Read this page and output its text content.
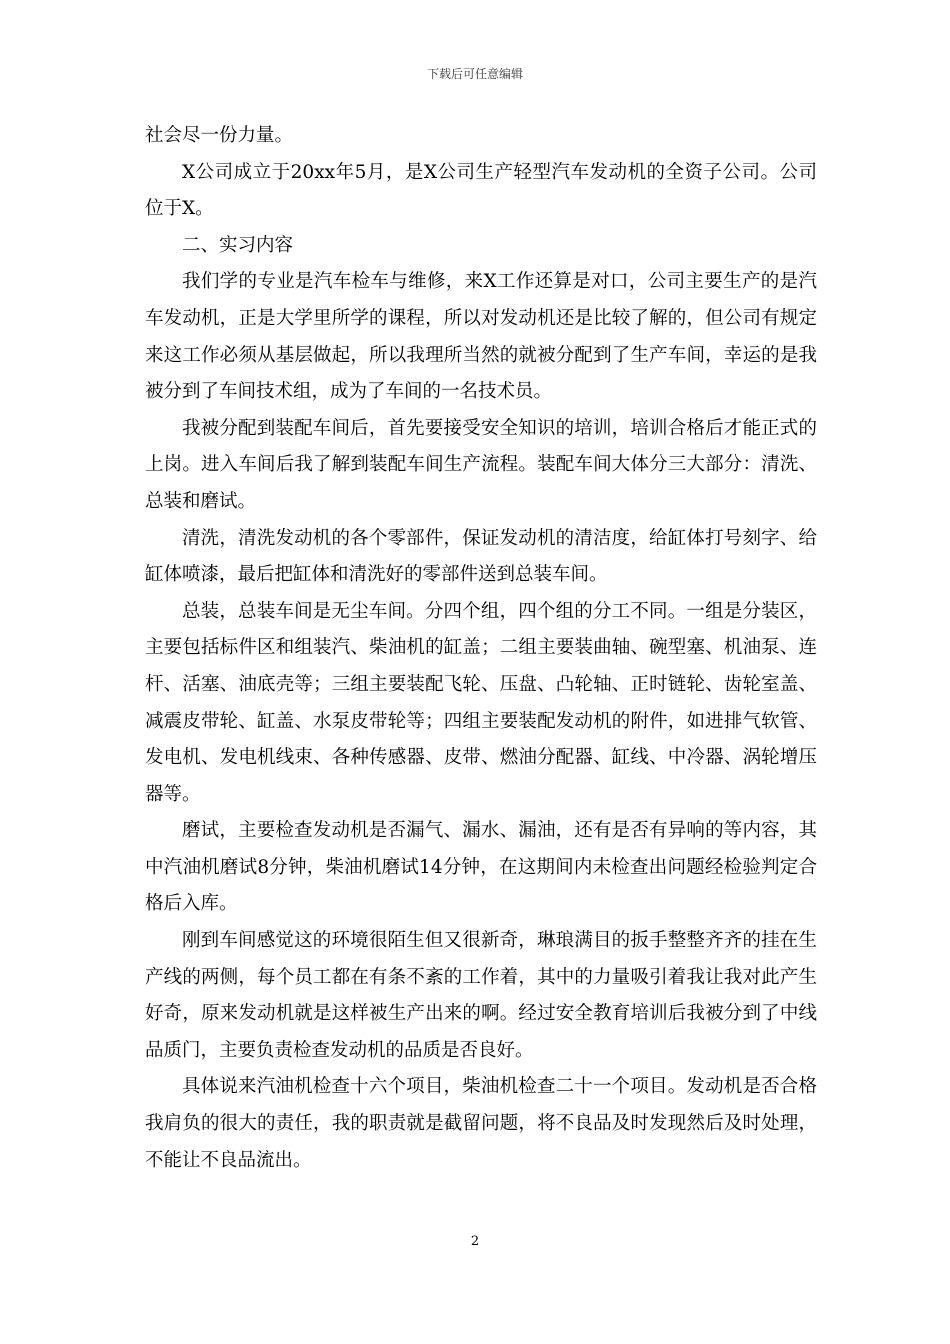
下载后可任意编辑

社会尽一份力量。

X公司成立于20xx年5月，是X公司生产轻型汽车发动机的全资子公司。公司位于X。

二、实习内容

我们学的专业是汽车检车与维修，来X工作还算是对口，公司主要生产的是汽车发动机，正是大学里所学的课程，所以对发动机还是比较了解的，但公司有规定来这工作必须从基层做起，所以我理所当然的就被分配到了生产车间，幸运的是我被分到了车间技术组，成为了车间的一名技术员。

我被分配到装配车间后，首先要接受安全知识的培训，培训合格后才能正式的上岗。进入车间后我了解到装配车间生产流程。装配车间大体分三大部分：清洗、总装和磨试。

清洗，清洗发动机的各个零部件，保证发动机的清洁度，给缸体打号刻字、给缸体喷漆，最后把缸体和清洗好的零部件送到总装车间。

总装，总装车间是无尘车间。分四个组，四个组的分工不同。一组是分装区，主要包括标件区和组装汽、柴油机的缸盖；二组主要装曲轴、碗型塞、机油泵、连杆、活塞、油底壳等；三组主要装配飞轮、压盘、凸轮轴、正时链轮、齿轮室盖、减震皮带轮、缸盖、水泵皮带轮等；四组主要装配发动机的附件，如进排气软管、发电机、发电机线束、各种传感器、皮带、燃油分配器、缸线、中冷器、涡轮增压器等。

磨试，主要检查发动机是否漏气、漏水、漏油，还有是否有异响的等内容，其中汽油机磨试8分钟，柴油机磨试14分钟，在这期间内未检查出问题经检验判定合格后入库。

刚到车间感觉这的环境很陌生但又很新奇，琳琅满目的扳手整整齐齐的挂在生产线的两侧，每个员工都在有条不紊的工作着，其中的力量吸引着我让我对此产生好奇，原来发动机就是这样被生产出来的啊。经过安全教育培训后我被分到了中线品质门，主要负责检查发动机的品质是否良好。

具体说来汽油机检查十六个项目，柴油机检查二十一个项目。发动机是否合格我肩负的很大的责任，我的职责就是截留问题，将不良品及时发现然后及时处理，不能让不良品流出。

2
